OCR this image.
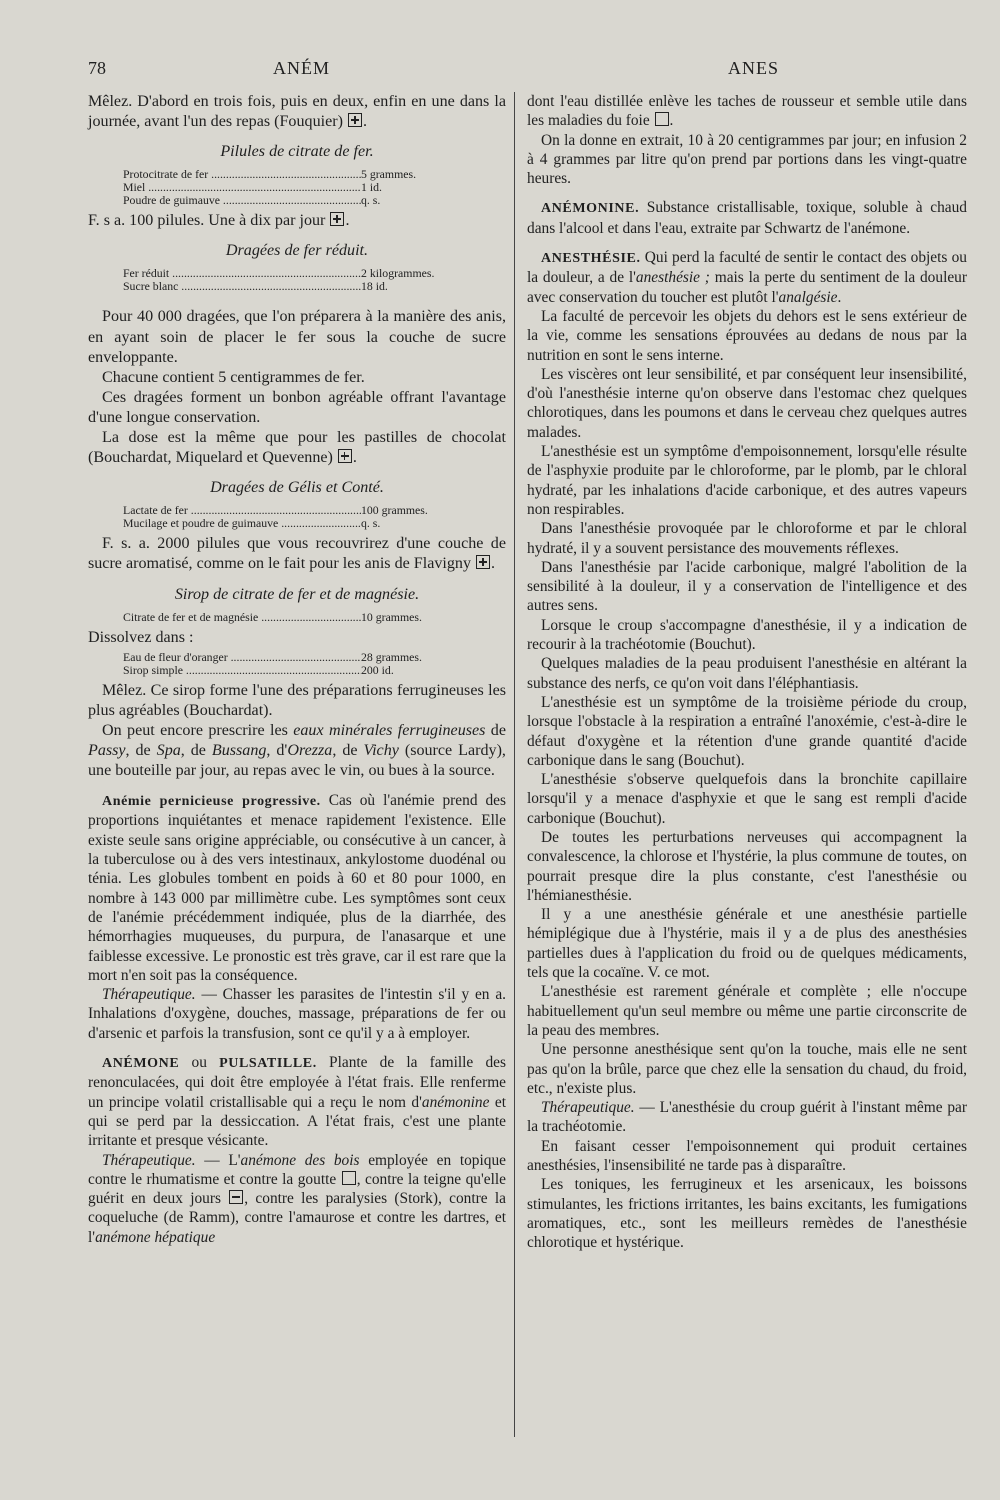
78	ANÉM	ANES

Mêlez. D'abord en trois fois, puis en deux, enfin en une dans la journée, avant l'un des repas (Fouquier) .

Pilules de citrate de fer.
Protocitrate de fer .....	5 grammes.
Miel .....	1 id.
Poudre de guimauve .....	q. s.

F. s a. 100 pilules. Une à dix par jour .

Dragées de fer réduit.
Fer réduit .....	2 kilogrammes.
Sucre blanc .....	18 id.

Pour 40 000 dragées, que l'on préparera à la manière des anis, en ayant soin de placer le fer sous la couche de sucre enveloppante.

Chacune contient 5 centigrammes de fer.

Ces dragées forment un bonbon agréable offrant l'avantage d'une longue conservation.

La dose est la même que pour les pastilles de chocolat (Bouchardat, Miquelard et Quevenne) .

Dragées de Gélis et Conté.
Lactate de fer .....	100 grammes.
Mucilage et poudre de guimauve .....	q. s.

F. s. a. 2000 pilules que vous recouvrirez d'une couche de sucre aromatisé, comme on le fait pour les anis de Flavigny .

Sirop de citrate de fer et de magnésie.
Citrate de fer et de magnésie .....	10 grammes.

Dissolvez dans :

Eau de fleur d'oranger .....	28 grammes.
Sirop simple .....	200 id.

Mêlez. Ce sirop forme l'une des préparations ferrugineuses les plus agréables (Bouchardat).

On peut encore prescrire les eaux minérales ferrugineuses de Passy, de Spa, de Bussang, d'Orezza, de Vichy (source Lardy), une bouteille par jour, au repas avec le vin, ou bues à la source.

Anémie pernicieuse progressive. Cas où l'anémie prend des proportions inquiétantes et menace rapidement l'existence. Elle existe seule sans origine appréciable, ou consécutive à un cancer, à la tuberculose ou à des vers intestinaux, ankylostome duodénal ou ténia. Les globules tombent en poids à 60 et 80 pour 1000, en nombre à 143 000 par millimètre cube. Les symptômes sont ceux de l'anémie précédemment indiquée, plus de la diarrhée, des hémorrhagies muqueuses, du purpura, de l'anasarque et une faiblesse excessive. Le pronostic est très grave, car il est rare que la mort n'en soit pas la conséquence.

Thérapeutique. — Chasser les parasites de l'intestin s'il y en a. Inhalations d'oxygène, douches, massage, préparations de fer ou d'arsenic et parfois la transfusion, sont ce qu'il y a à employer.

ANÉMONE ou PULSATILLE. Plante de la famille des renonculacées, qui doit être employée à l'état frais. Elle renferme un principe volatil cristallisable qui a reçu le nom d'anémonine et qui se perd par la dessiccation. A l'état frais, c'est une plante irritante et presque vésicante.

Thérapeutique. — L'anémone des bois employée en topique contre le rhumatisme et contre la goutte , contre la teigne qu'elle guérit en deux jours , contre les paralysies (Stork), contre la coqueluche (de Ramm), contre l'amaurose et contre les dartres, et l'anémone hépatique

dont l'eau distillée enlève les taches de rousseur et semble utile dans les maladies du foie .

On la donne en extrait, 10 à 20 centigrammes par jour; en infusion 2 à 4 grammes par litre qu'on prend par portions dans les vingt-quatre heures.

ANÉMONINE. Substance cristallisable, toxique, soluble à chaud dans l'alcool et dans l'eau, extraite par Schwartz de l'anémone.

ANESTHÉSIE. Qui perd la faculté de sentir le contact des objets ou la douleur, a de l'anesthésie ; mais la perte du sentiment de la douleur avec conservation du toucher est plutôt l'analgésie.

La faculté de percevoir les objets du dehors est le sens extérieur de la vie, comme les sensations éprouvées au dedans de nous par la nutrition en sont le sens interne.

Les viscères ont leur sensibilité, et par conséquent leur insensibilité, d'où l'anesthésie interne qu'on observe dans l'estomac chez quelques chlorotiques, dans les poumons et dans le cerveau chez quelques autres malades.

L'anesthésie est un symptôme d'empoisonnement, lorsqu'elle résulte de l'asphyxie produite par le chloroforme, par le plomb, par le chloral hydraté, par les inhalations d'acide carbonique, et des autres vapeurs non respirables.

Dans l'anesthésie provoquée par le chloroforme et par le chloral hydraté, il y a souvent persistance des mouvements réflexes.

Dans l'anesthésie par l'acide carbonique, malgré l'abolition de la sensibilité à la douleur, il y a conservation de l'intelligence et des autres sens.

Lorsque le croup s'accompagne d'anesthésie, il y a indication de recourir à la trachéotomie (Bouchut).

Quelques maladies de la peau produisent l'anesthésie en altérant la substance des nerfs, ce qu'on voit dans l'éléphantiasis.

L'anesthésie est un symptôme de la troisième période du croup, lorsque l'obstacle à la respiration a entraîné l'anoxémie, c'est-à-dire le défaut d'oxygène et la rétention d'une grande quantité d'acide carbonique dans le sang (Bouchut).

L'anesthésie s'observe quelquefois dans la bronchite capillaire lorsqu'il y a menace d'asphyxie et que le sang est rempli d'acide carbonique (Bouchut).

De toutes les perturbations nerveuses qui accompagnent la convalescence, la chlorose et l'hystérie, la plus commune de toutes, on pourrait presque dire la plus constante, c'est l'anesthésie ou l'hémianesthésie.

Il y a une anesthésie générale et une anesthésie partielle hémiplégique due à l'hystérie, mais il y a de plus des anesthésies partielles dues à l'application du froid ou de quelques médicaments, tels que la cocaïne. V. ce mot.

L'anesthésie est rarement générale et complète ; elle n'occupe habituellement qu'un seul membre ou même une partie circonscrite de la peau des membres.

Une personne anesthésique sent qu'on la touche, mais elle ne sent pas qu'on la brûle, parce que chez elle la sensation du chaud, du froid, etc., n'existe plus.

Thérapeutique. — L'anesthésie du croup guérit à l'instant même par la trachéotomie.

En faisant cesser l'empoisonnement qui produit certaines anesthésies, l'insensibilité ne tarde pas à disparaître.

Les toniques, les ferrugineux et les arsenicaux, les boissons stimulantes, les frictions irritantes, les bains excitants, les fumigations aromatiques, etc., sont les meilleurs remèdes de l'anesthésie chlorotique et hystérique.
